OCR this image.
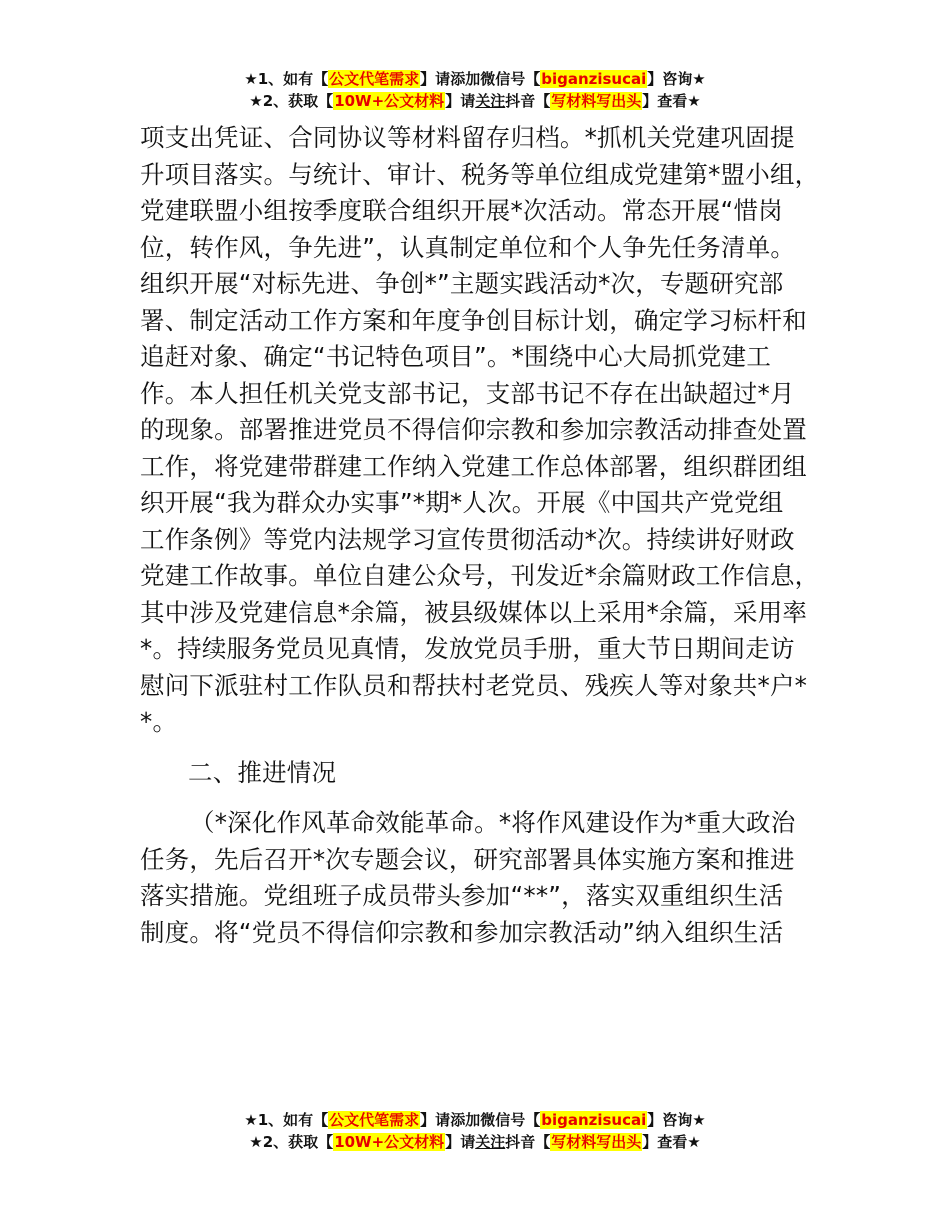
★1、如有【公文代笔需求】请添加微信号【biganzisucai】咨询★
★2、获取【10W+公文材料】请关注抖音【写材料写出头】查看★
项支出凭证、合同协议等材料留存归档。*抓机关党建巩固提
升项目落实。与统计、审计、税务等单位组成党建第*盟小组，
党建联盟小组按季度联合组织开展*次活动。常态开展“惜岗
位，转作风，争先进”，认真制定单位和个人争先任务清单。
组织开展“对标先进、争创*”主题实践活动*次，专题研究部
署、制定活动工作方案和年度争创目标计划，确定学习标杆和
追赶对象、确定“书记特色项目”。*围绕中心大局抓党建工
作。本人担任机关党支部书记，支部书记不存在出缺超过*月
的现象。部署推进党员不得信仰宗教和参加宗教活动排查处置
工作，将党建带群建工作纳入党建工作总体部署，组织群团组
织开展“我为群众办实事”*期*人次。开展《中国共产党党组
工作条例》等党内法规学习宣传贯彻活动*次。持续讲好财政
党建工作故事。单位自建公众号，刊发近*余篇财政工作信息，
其中涉及党建信息*余篇，被县级媒体以上采用*余篇，采用率
*。持续服务党员见真情，发放党员手册，重大节日期间走访
慰问下派驻村工作队员和帮扶村老党员、残疾人等对象共*户*
*。
二、推进情况
（*深化作风革命效能革命。*将作风建设作为*重大政治
任务，先后召开*次专题会议，研究部署具体实施方案和推进
落实措施。党组班子成员带头参加“**”，落实双重组织生活
制度。将“党员不得信仰宗教和参加宗教活动”纳入组织生活
★1、如有【公文代笔需求】请添加微信号【biganzisucai】咨询★
★2、获取【10W+公文材料】请关注抖音【写材料写出头】查看★
